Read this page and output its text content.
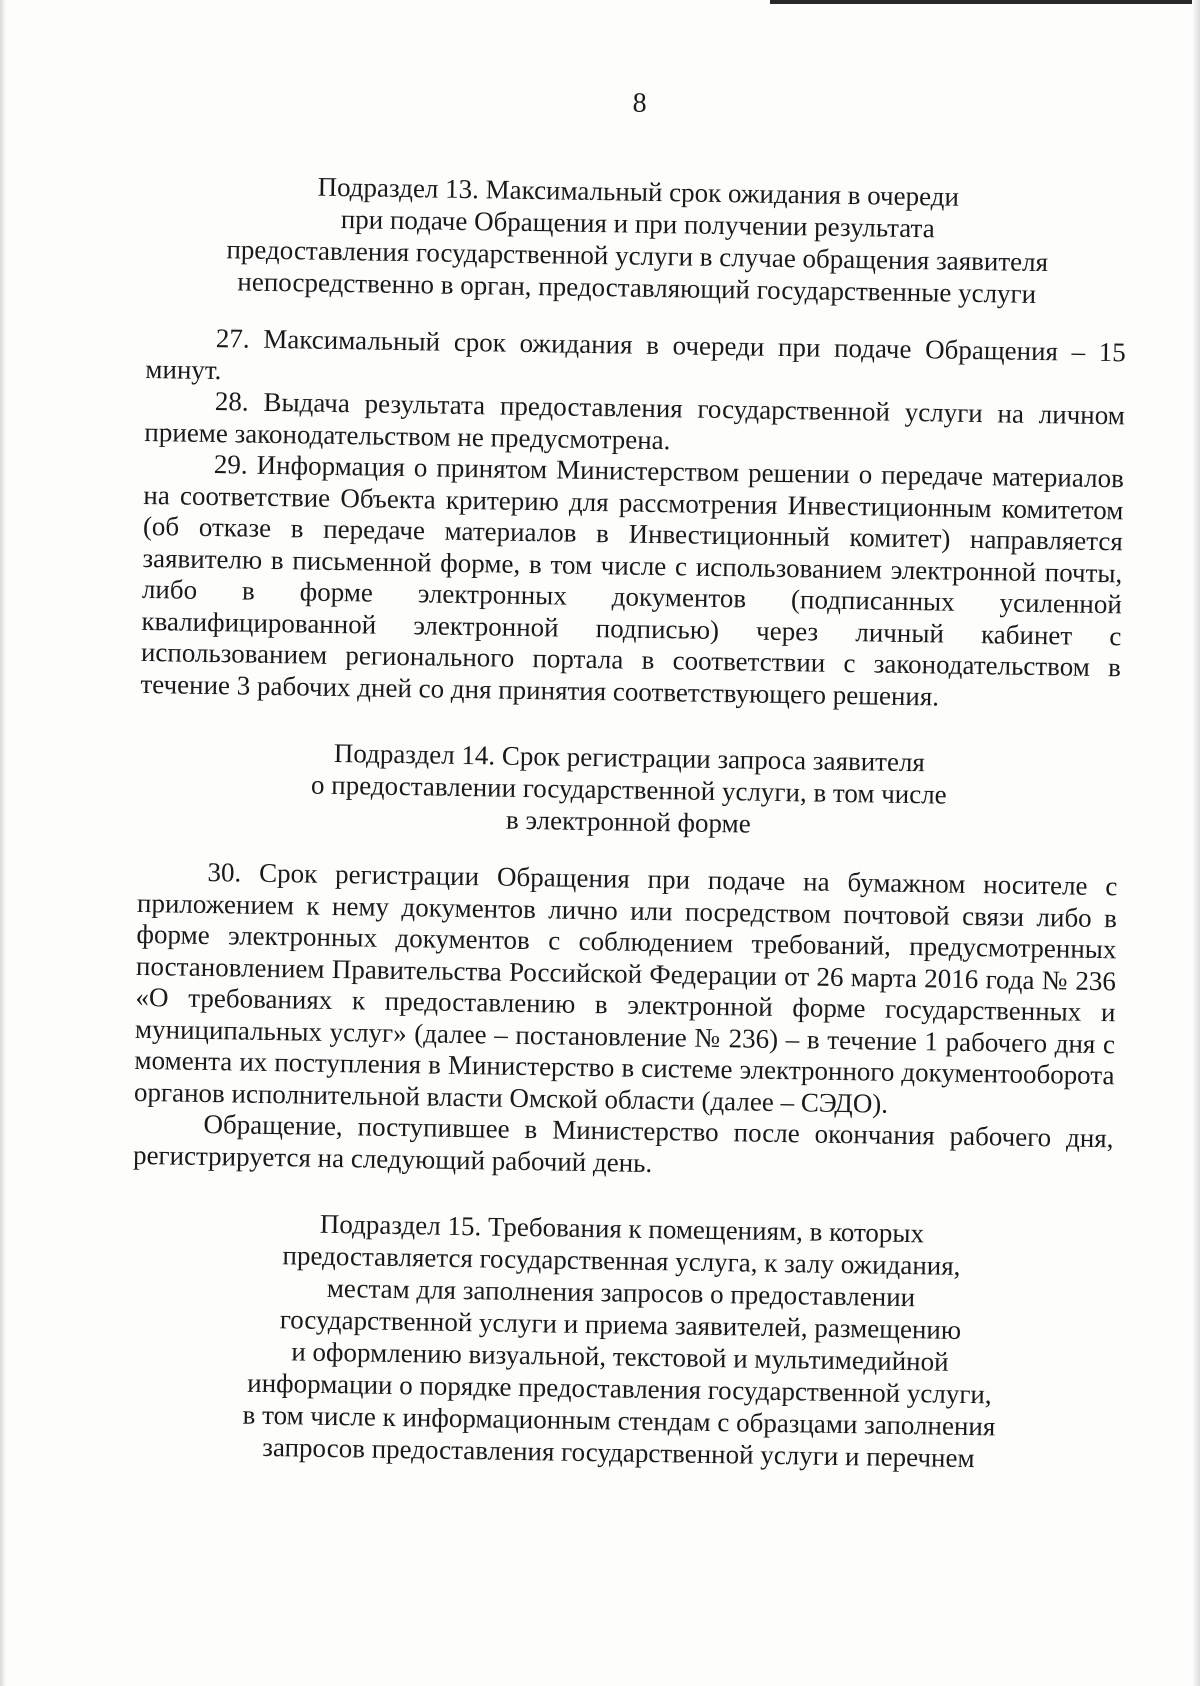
8
Подраздел 13. Максимальный срок ожидания в очереди
при подаче Обращения и при получении результата
предоставления государственной услуги в случае обращения заявителя
непосредственно в орган, предоставляющий государственные услуги

27. Максимальный срок ожидания в очереди при подаче Обращения – 15 минут.

28. Выдача результата предоставления государственной услуги на личном приеме законодательством не предусмотрена.

29. Информация о принятом Министерством решении о передаче материалов на соответствие Объекта критерию для рассмотрения Инвестиционным комитетом (об отказе в передаче материалов в Инвестиционный комитет) направляется заявителю в письменной форме, в том числе с использованием электронной почты, либо в форме электронных документов (подписанных усиленной квалифицированной электронной подписью) через личный кабинет с использованием регионального портала в соответствии с законодательством в течение 3 рабочих дней со дня принятия соответствующего решения.

Подраздел 14. Срок регистрации запроса заявителя
о предоставлении государственной услуги, в том числе
в электронной форме

30. Срок регистрации Обращения при подаче на бумажном носителе с приложением к нему документов лично или посредством почтовой связи либо в форме электронных документов с соблюдением требований, предусмотренных постановлением Правительства Российской Федерации от 26 марта 2016 года № 236 «О требованиях к предоставлению в электронной форме государственных и муниципальных услуг» (далее – постановление № 236) – в течение 1 рабочего дня с момента их поступления в Министерство в системе электронного документооборота органов исполнительной власти Омской области (далее – СЭДО).

Обращение, поступившее в Министерство после окончания рабочего дня, регистрируется на следующий рабочий день.

Подраздел 15. Требования к помещениям, в которых
предоставляется государственная услуга, к залу ожидания,
местам для заполнения запросов о предоставлении
государственной услуги и приема заявителей, размещению
и оформлению визуальной, текстовой и мультимедийной
информации о порядке предоставления государственной услуги,
в том числе к информационным стендам с образцами заполнения
запросов предоставления государственной услуги и перечнем
